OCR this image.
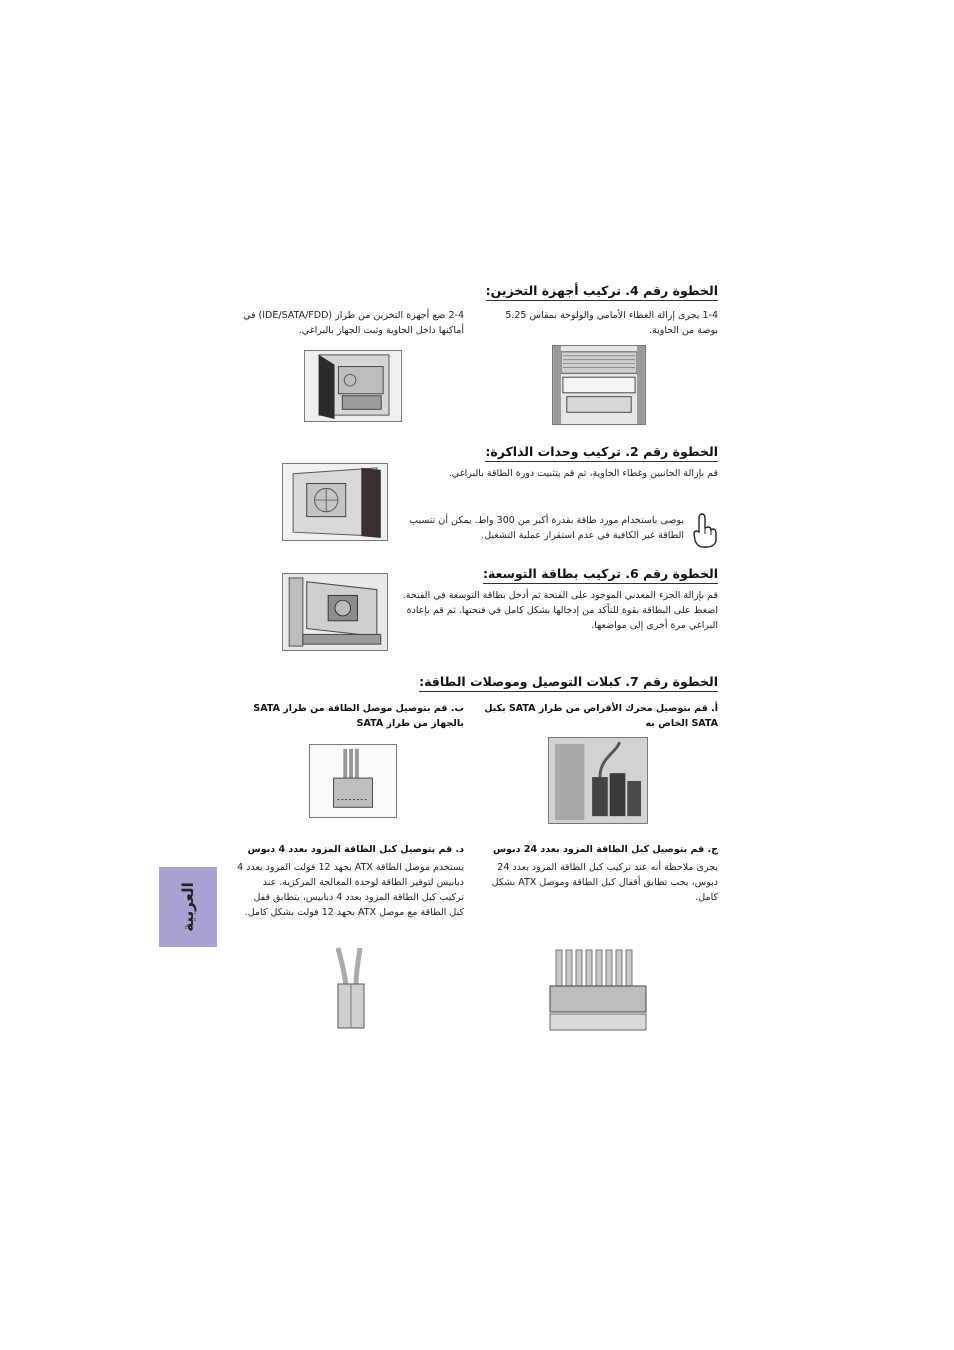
الخطوة رقم 4. تركيب أجهزة التخزين:
1-4 يجرى إزالة الغطاء الأمامي والولوحة بمقاس 5.25 بوصة من الحاوية.
2-4 ضع أجهزة التخزين من طراز (IDE/SATA/FDD) في أماكنها داخل الحاوية وثبت الجهاز بالبراغي.
الخطوة رقم 2. تركيب وحدات الذاكرة:
قم بإزالة الجانبين وغطاء الحاوية، ثم قم بتثبيت دورة الطاقة بالبراغي.
يوصى باستخدام مورد طاقة بقدرة أكبر من 300 واط. يمكن أن تتسبب الطاقة غير الكافية في عدم استقرار عملية التشغيل.
الخطوة رقم 6. تركيب بطاقة التوسعة:
قم بإزالة الجزء المعدني الموجود على الفتحة ثم أدخل بطاقة التوسعة في الفتحة. اضغط على البطاقة بقوة للتأكد من إدخالها بشكل كامل في فتحتها. ثم قم بإعادة البراغي مرة أخرى إلى مواضعها.
الخطوة رقم 7. كبلات التوصيل وموصلات الطاقة:
أ. قم بتوصيل محرك الأقراص من طراز SATA بكبل SATA الخاص به
ب. قم بتوصيل موصل الطاقة من طراز SATA بالجهاز من طراز SATA
ج. قم بتوصيل كبل الطاقة المزود بعدد 24 دبوس
يجرى ملاحظة أنه عند تركيب كبل الطاقة المزود بعدد 24 دبوس، يجب تطابق أقفال كبل الطاقة وموصل ATX بشكل كامل.
د. قم بتوصيل كبل الطاقة المزود بعدد 4 دبوس
يستخدم موصل الطاقة ATX بجهد 12 فولت المزود بعدد 4 دبابيس لتوفير الطاقة لوحدة المعالجة المركزية. عند تركيب كبل الطاقة المزود بعدد 4 دبابيس، يتطابق قفل كبل الطاقة مع موصل ATX بجهد 12 فولت بشكل كامل.
العربية
